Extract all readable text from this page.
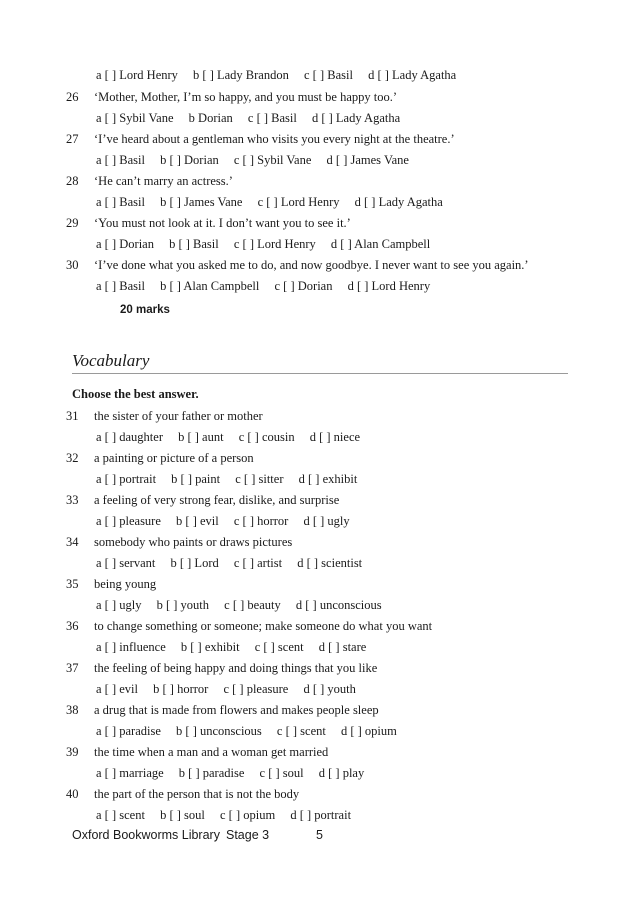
a [ ] Lord Henry b [ ] Lady Brandon c [ ] Basil d [ ] Lady Agatha
26 ‘Mother, Mother, I’m so happy, and you must be happy too.’
a [ ] Sybil Vane b Dorian c [ ] Basil d [ ] Lady Agatha
27 ‘I’ve heard about a gentleman who visits you every night at the theatre.’
a [ ] Basil b [ ] Dorian c [ ] Sybil Vane d [ ] James Vane
28 ‘He can’t marry an actress.’
a [ ] Basil b [ ] James Vane c [ ] Lord Henry d [ ] Lady Agatha
29 ‘You must not look at it. I don’t want you to see it.’
a [ ] Dorian b [ ] Basil c [ ] Lord Henry d [ ] Alan Campbell
30 ‘I’ve done what you asked me to do, and now goodbye. I never want to see you again.’
a [ ] Basil b [ ] Alan Campbell c [ ] Dorian d [ ] Lord Henry
20 marks
Vocabulary
Choose the best answer.
31 the sister of your father or mother
a [ ] daughter b [ ] aunt c [ ] cousin d [ ] niece
32 a painting or picture of a person
a [ ] portrait b [ ] paint c [ ] sitter d [ ] exhibit
33 a feeling of very strong fear, dislike, and surprise
a [ ] pleasure b [ ] evil c [ ] horror d [ ] ugly
34 somebody who paints or draws pictures
a [ ] servant b [ ] Lord c [ ] artist d [ ] scientist
35 being young
a [ ] ugly b [ ] youth c [ ] beauty d [ ] unconscious
36 to change something or someone; make someone do what you want
a [ ] influence b [ ] exhibit c [ ] scent d [ ] stare
37 the feeling of being happy and doing things that you like
a [ ] evil b [ ] horror c [ ] pleasure d [ ] youth
38 a drug that is made from flowers and makes people sleep
a [ ] paradise b [ ] unconscious c [ ] scent d [ ] opium
39 the time when a man and a woman get married
a [ ] marriage b [ ] paradise c [ ] soul d [ ] play
40 the part of the person that is not the body
a [ ] scent b [ ] soul c [ ] opium d [ ] portrait
Oxford Bookworms Library Stage 3	5
